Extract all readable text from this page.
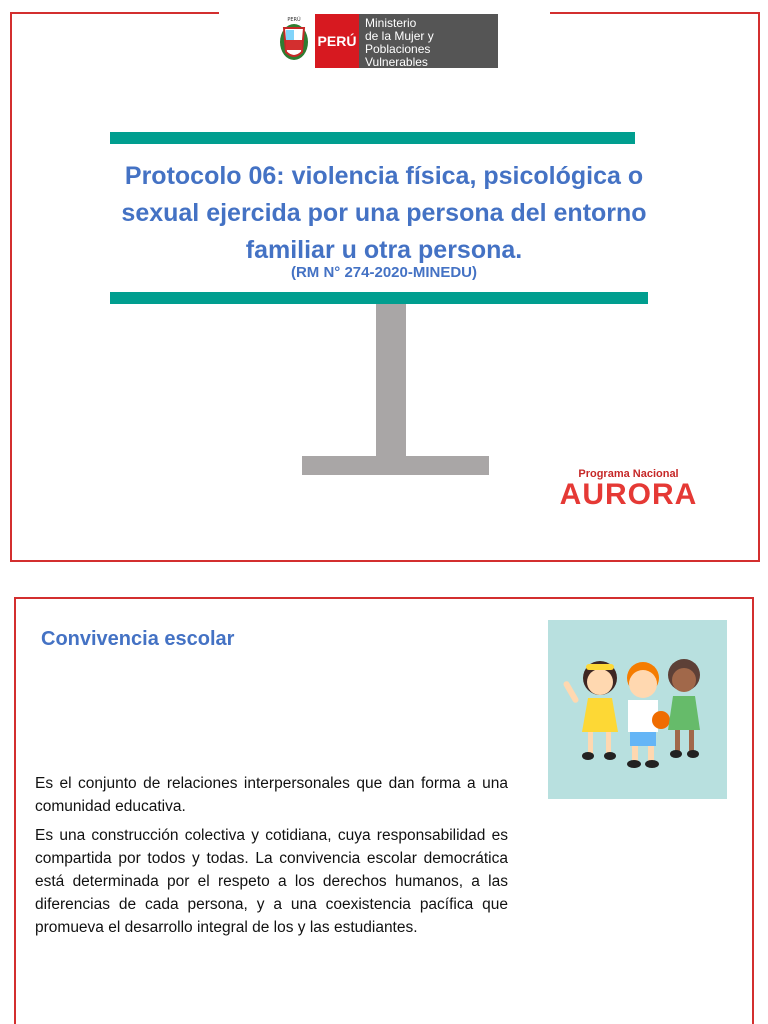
PERÚ
PERÚ
Ministerio
de la Mujer y
Poblaciones Vulnerables
Protocolo 06: violencia física, psicológica o sexual ejercida por una persona del entorno familiar u otra persona.
(RM N° 274-2020-MINEDU)
Programa Nacional
AURORA
Convivencia escolar
Es el conjunto de relaciones interpersonales que dan forma a una comunidad educativa.
Es una construcción colectiva y cotidiana, cuya responsabilidad es compartida por todos y todas. La convivencia escolar democrática está determinada por el respeto a los derechos humanos, a las diferencias de cada persona, y a una coexistencia pacífica que promueva el desarrollo integral de los y las estudiantes.
